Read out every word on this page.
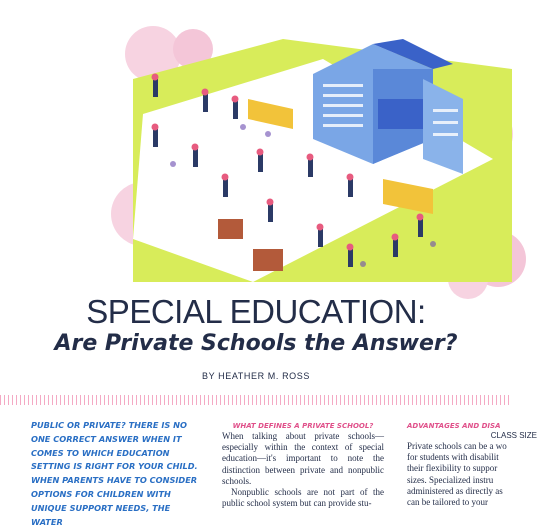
SPECIAL EDUCATION:
Are Private Schools the Answer?
BY HEATHER M. ROSS
PUBLIC OR PRIVATE? THERE IS NO ONE CORRECT ANSWER WHEN IT COMES TO WHICH EDUCATION SETTING IS RIGHT FOR YOUR CHILD. WHEN PARENTS HAVE TO CONSIDER OPTIONS FOR CHILDREN WITH UNIQUE SUPPORT NEEDS, THE WATER
WHAT DEFINES A PRIVATE SCHOOL?

When talking about private schools—especially within the context of special education—it's important to note the distinction between private and nonpublic schools.

Nonpublic schools are not part of the public school system but can provide stu-

ADVANTAGES AND DISA
CLASS SIZE
Private schools can be a wo
for students with disabilit
their flexibility to suppor
sizes. Specialized instru
administered as directly as
can be tailored to your
